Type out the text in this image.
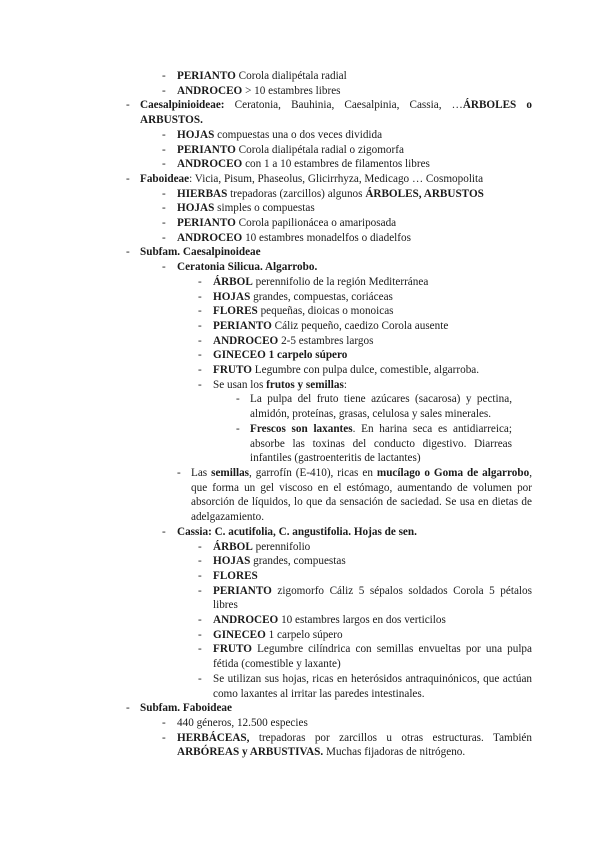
- PERIANTO Corola dialipétala radial
- ANDROCEO > 10 estambres libres
- Caesalpinioideae: Ceratonia, Bauhinia, Caesalpinia, Cassia, …ÁRBOLES o ARBUSTOS.
- HOJAS compuestas una o dos veces dividida
- PERIANTO Corola dialipétala radial o zigomorfa
- ANDROCEO con 1 a 10 estambres de filamentos libres
- Faboideae: Vicia, Pisum, Phaseolus, Glicirrhyza, Medicago … Cosmopolita
- HIERBAS trepadoras (zarcillos) algunos ÁRBOLES, ARBUSTOS
- HOJAS simples o compuestas
- PERIANTO Corola papilionácea o amariposada
- ANDROCEO 10 estambres monadelfos o diadelfos
- Subfam. Caesalpinoideae
- Ceratonia Silicua. Algarrobo.
- ÁRBOL perennifolio de la región Mediterránea
- HOJAS grandes, compuestas, coriáceas
- FLORES pequeñas, dioicas o monoicas
- PERIANTO Cáliz pequeño, caedizo Corola ausente
- ANDROCEO 2-5 estambres largos
- GINECEO 1 carpelo súpero
- FRUTO Legumbre con pulpa dulce, comestible, algarroba.
- Se usan los frutos y semillas:
- La pulpa del fruto tiene azúcares (sacarosa) y pectina, almidón, proteínas, grasas, celulosa y sales minerales.
- Frescos son laxantes. En harina seca es antidiarreica; absorbe las toxinas del conducto digestivo. Diarreas infantiles (gastroenteritis de lactantes)
- Las semillas, garrofín (E-410), ricas en mucílago o Goma de algarrobo, que forma un gel viscoso en el estómago, aumentando de volumen por absorción de líquidos, lo que da sensación de saciedad. Se usa en dietas de adelgazamiento.
- Cassia: C. acutifolia, C. angustifolia. Hojas de sen.
- ÁRBOL perennifolio
- HOJAS grandes, compuestas
- FLORES
- PERIANTO zigomorfo Cáliz 5 sépalos soldados Corola 5 pétalos libres
- ANDROCEO 10 estambres largos en dos verticilos
- GINECEO 1 carpelo súpero
- FRUTO Legumbre cilíndrica con semillas envueltas por una pulpa fétida (comestible y laxante)
- Se utilizan sus hojas, ricas en heterósidos antraquinónicos, que actúan como laxantes al irritar las paredes intestinales.
- Subfam. Faboideae
- 440 géneros, 12.500 especies
- HERBÁCEAS, trepadoras por zarcillos u otras estructuras. También ARBÓREAS y ARBUSTIVAS. Muchas fijadoras de nitrógeno.
